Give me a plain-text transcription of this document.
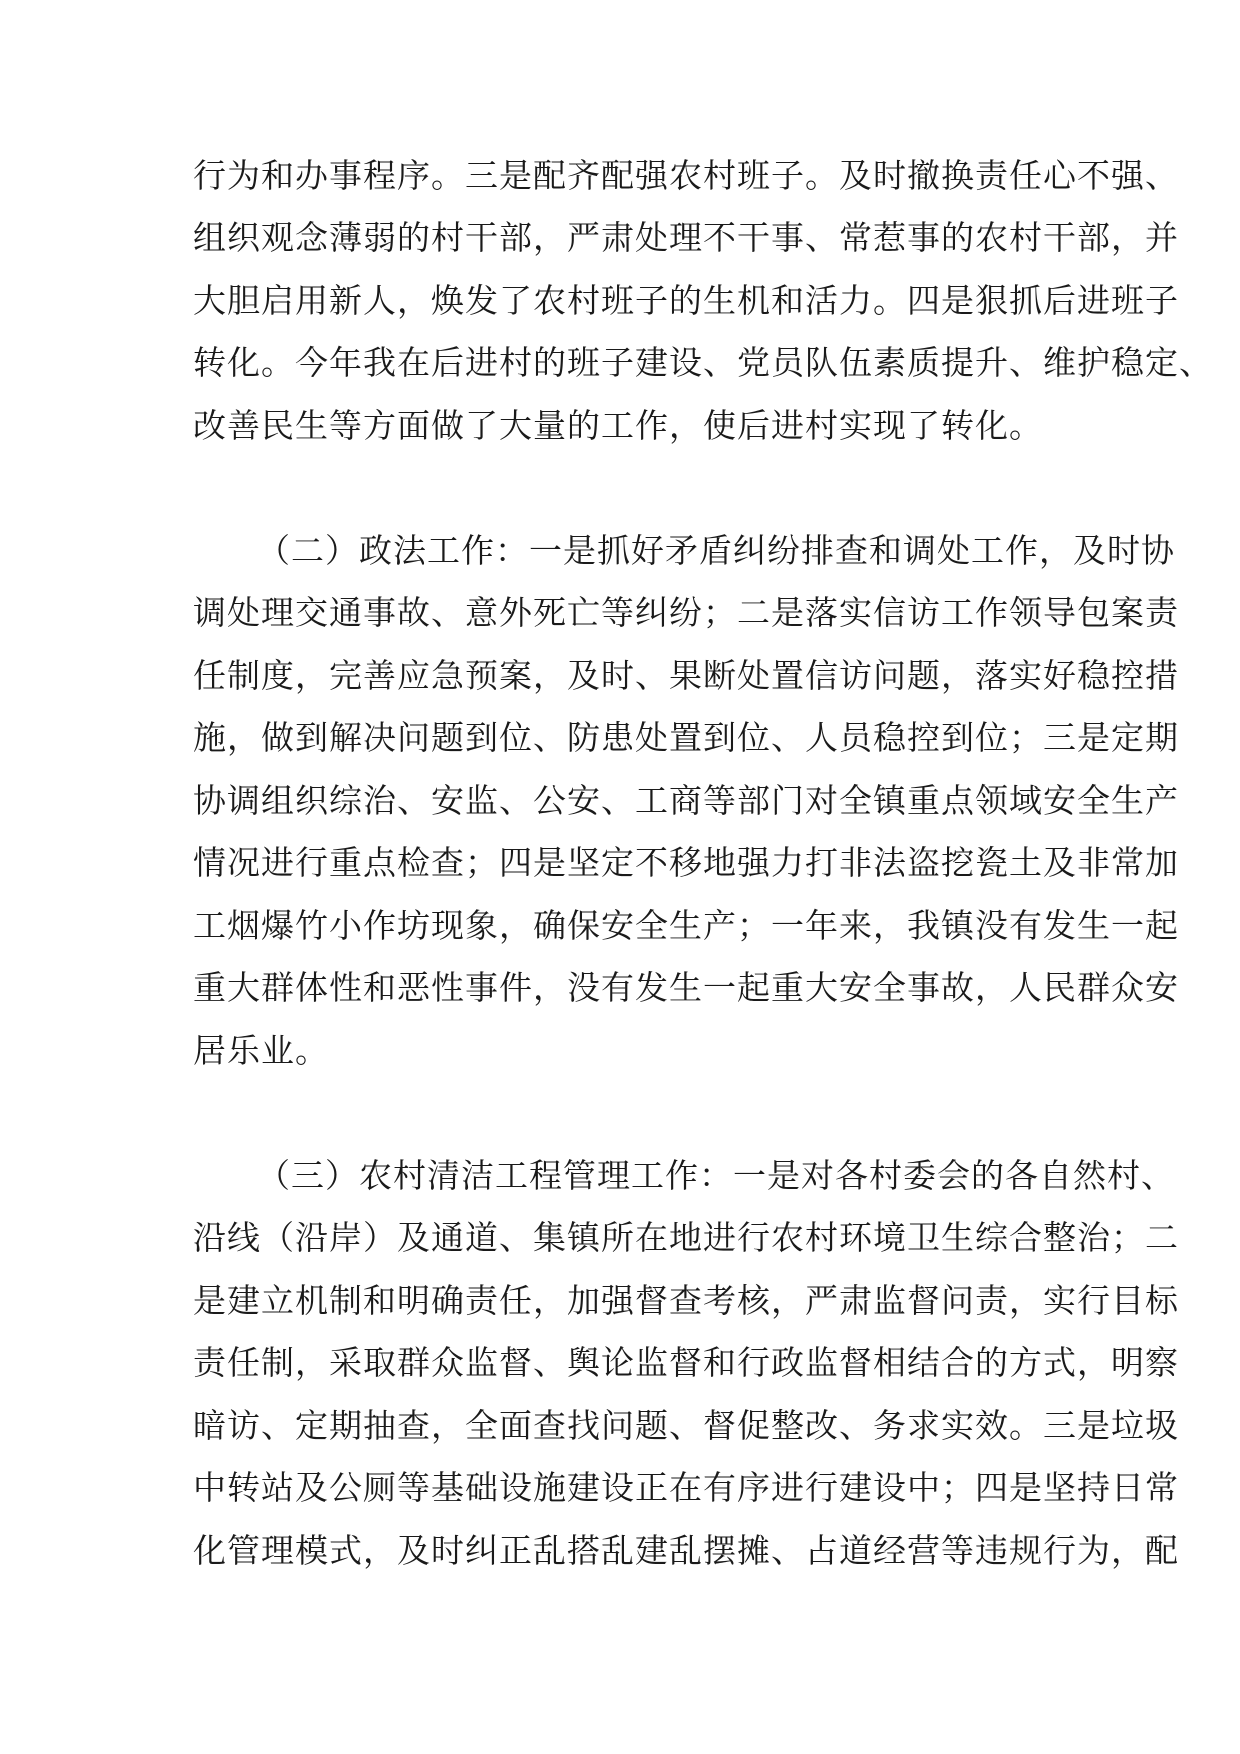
行为和办事程序。三是配齐配强农村班子。及时撤换责任心不强、

组织观念薄弱的村干部，严肃处理不干事、常惹事的农村干部，并

大胆启用新人，焕发了农村班子的生机和活力。四是狠抓后进班子

转化。今年我在后进村的班子建设、党员队伍素质提升、维护稳定、

改善民生等方面做了大量的工作，使后进村实现了转化。

（二）政法工作：一是抓好矛盾纠纷排查和调处工作，及时协

调处理交通事故、意外死亡等纠纷；二是落实信访工作领导包案责

任制度，完善应急预案，及时、果断处置信访问题，落实好稳控措

施，做到解决问题到位、防患处置到位、人员稳控到位；三是定期

协调组织综治、安监、公安、工商等部门对全镇重点领域安全生产

情况进行重点检查；四是坚定不移地强力打非法盗挖瓷土及非常加

工烟爆竹小作坊现象，确保安全生产；一年来，我镇没有发生一起

重大群体性和恶性事件，没有发生一起重大安全事故，人民群众安

居乐业。

（三）农村清洁工程管理工作：一是对各村委会的各自然村、

沿线（沿岸）及通道、集镇所在地进行农村环境卫生综合整治；二

是建立机制和明确责任，加强督查考核，严肃监督问责，实行目标

责任制，采取群众监督、舆论监督和行政监督相结合的方式，明察

暗访、定期抽查，全面查找问题、督促整改、务求实效。三是垃圾

中转站及公厕等基础设施建设正在有序进行建设中；四是坚持日常

化管理模式，及时纠正乱搭乱建乱摆摊、占道经营等违规行为，配
